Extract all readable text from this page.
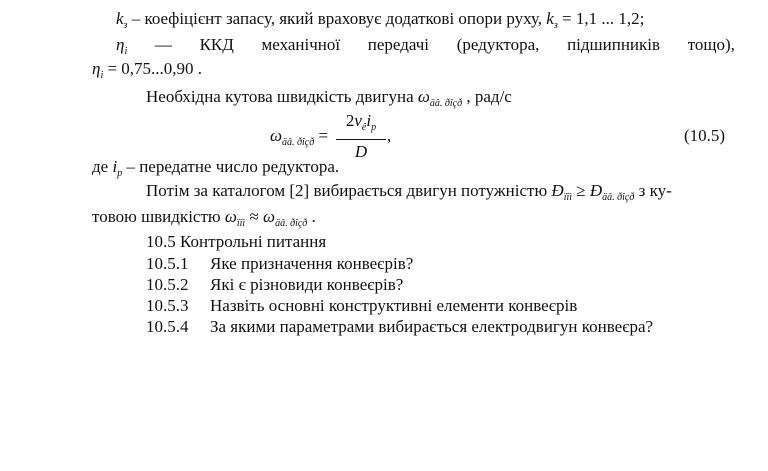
$k_з$ – коефіцієнт запасу, який враховує додаткові опори руху, $k_з = 1,1$ ... 1,2;
$\eta_і$ — ККД механічної передачі (редуктора, підшипників тощо),
$\eta_і = 0,75...0,90$ .
Необхідна кутова швидкість двигуна $\omega_{äâ. ðîçð}$ , рад/с
$\omega_{äâ. ðîçð}$ =
$2v_êi_p$
D
,	(10.5)
де $i_p$ – передатне число редуктора.
Потім за каталогом [2] вибирається двигун потужністю $Ð_{ïîì}$ ≥ $Ð_{äâ. ðîçð}$ з ку-
товою швидкістю $\omega_{ïîì} \approx \omega_{äâ. ðîçð}$ .
10.5 Контрольні питання
10.5.1 Яке призначення конвеєрів?
10.5.2 Які є різновиди конвеєрів?
10.5.3 Назвіть основні конструктивні елементи конвеєрів
10.5.4 За якими параметрами вибирається електродвигун конвеєра?
